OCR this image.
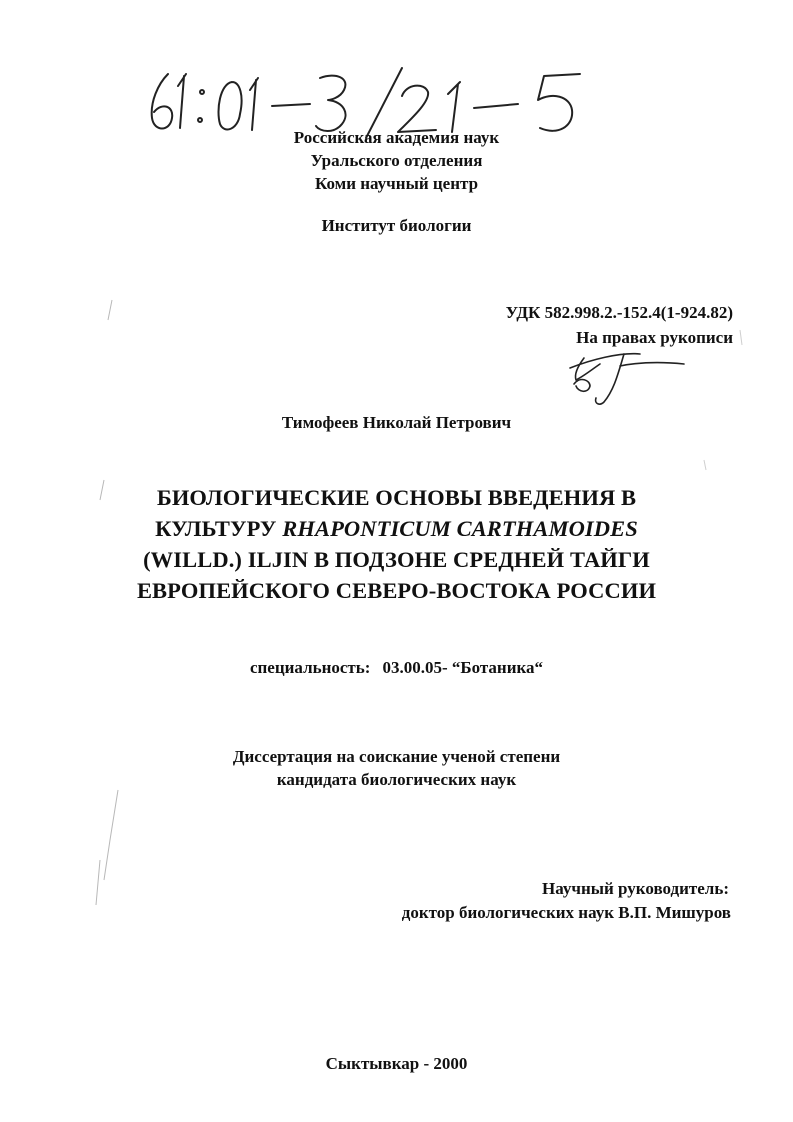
Российская академия наук
Уральского отделения
Коми научный центр
Институт биологии
УДК 582.998.2.-152.4(1-924.82)
На правах рукописи
Тимофеев Николай Петрович
БИОЛОГИЧЕСКИЕ ОСНОВЫ ВВЕДЕНИЯ В
КУЛЬТУРУ RHAPONTICUM CARTHAMOIDES
(WILLD.) ILJIN В ПОДЗОНЕ СРЕДНЕЙ ТАЙГИ
ЕВРОПЕЙСКОГО СЕВЕРО-ВОСТОКА РОССИИ
специальность: 03.00.05- “Ботаника“
Диссертация на соискание ученой степени
кандидата биологических наук
Научный руководитель:
доктор биологических наук В.П. Мишуров
Сыктывкар - 2000
